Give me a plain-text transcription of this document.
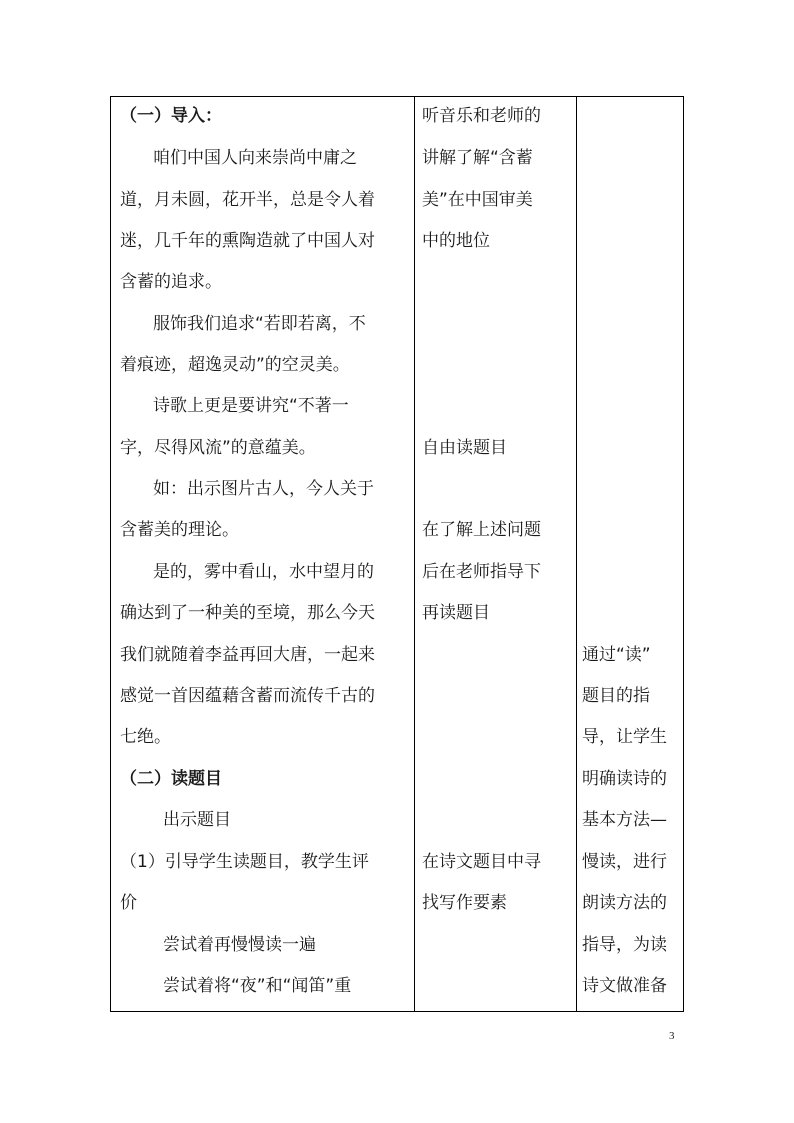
（一）导入：
咱们中国人向来崇尚中庸之
道，月未圆，花开半，总是令人着
迷，几千年的熏陶造就了中国人对
含蓄的追求。
服饰我们追求“若即若离，不
着痕迹，超逸灵动”的空灵美。
诗歌上更是要讲究“不著一
字，尽得风流”的意蕴美。
如：出示图片古人，今人关于
含蓄美的理论。
是的，雾中看山，水中望月的
确达到了一种美的至境，那么今天
我们就随着李益再回大唐，一起来
感觉一首因蕴藉含蓄而流传千古的
七绝。
（二）读题目
出示题目
（1）引导学生读题目，教学生评
价
尝试着再慢慢读一遍
尝试着将“夜”和“闻笛”重
听音乐和老师的
讲解了解“含蓄
美”在中国审美
中的地位
自由读题目
在了解上述问题
后在老师指导下
再读题目
在诗文题目中寻
找写作要素
通过“读”
题目的指
导，让学生
明确读诗的
基本方法—
慢读，进行
朗读方法的
指导，为读
诗文做准备
3
